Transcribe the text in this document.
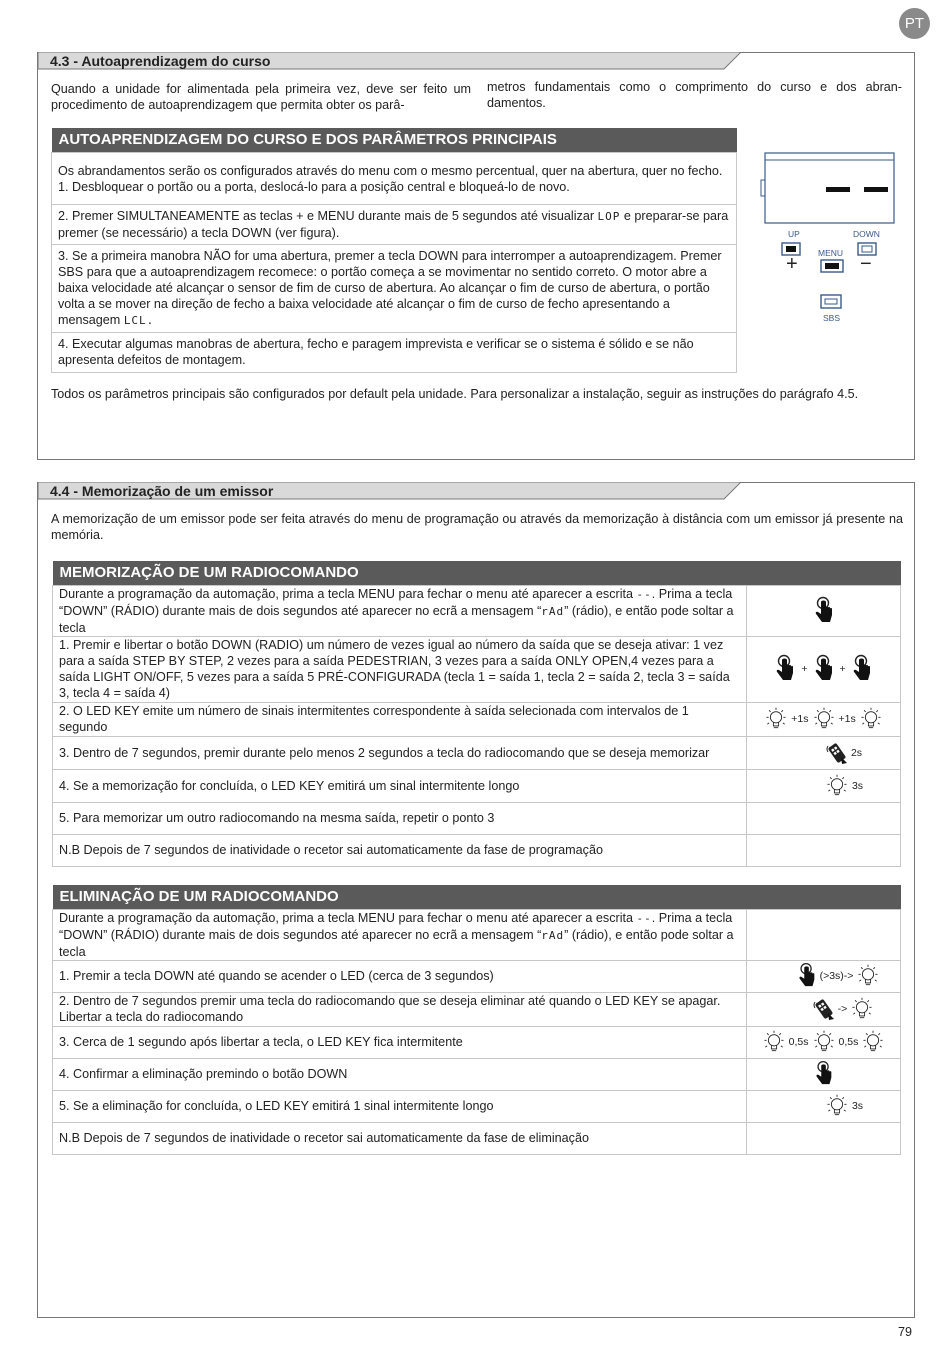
PT
4.3 - Autoaprendizagem do curso
Quando a unidade for alimentada pela primeira vez, deve ser feito um procedimento de autoaprendizagem que permita obter os parâ-
metros fundamentais como o comprimento do curso e dos abran-damentos.
AUTOAPRENDIZAGEM DO CURSO E DOS PARÂMETROS PRINCIPAIS

Os abrandamentos serão os configurados através do menu com o mesmo percentual, quer na abertura, quer no fecho.
1. Desbloquear o portão ou a porta, deslocá-lo para a posição central e bloqueá-lo de novo.

2. Premer SIMULTANEAMENTE as teclas + e MENU durante mais de 5 segundos até visualizar LOP e preparar-se para premer (se necessário) a tecla DOWN (ver figura).
3. Se a primeira manobra NÃO for uma abertura, premer a tecla DOWN para interromper a autoaprendizagem. Premer SBS para que a autoaprendizagem recomece: o portão começa a se movimentar no sentido correto. O motor abre a baixa velocidade até alcançar o sensor de fim de curso de abertura. Ao alcançar o fim de curso de abertura, o portão volta a se mover na direção de fecho a baixa velocidade até alcançar o fim de curso de fecho apresentando a mensagem LCL.
4. Executar algumas manobras de abertura, fecho e paragem imprevista e verificar se o sistema é sólido e se não apresenta defeitos de montagem.
UP	DOWN
MENU
SBS
+	−
Todos os parâmetros principais são configurados por default pela unidade. Para personalizar a instalação, seguir as instruções do parágrafo 4.5.
4.4 - Memorização de um emissor
A memorização de um emissor pode ser feita através do menu de programação ou através da memorização à distância com um emissor já presente na memória.
MEMORIZAÇÃO DE UM RADIOCOMANDO	
Durante a programação da automação, prima a tecla MENU para fechar o menu até aparecer a escrita --. Prima a tecla “DOWN” (RÁDIO) durante mais de dois segundos até aparecer no ecrã a mensagem “rAd” (rádio), e então pode soltar a tecla	

1. Premir e libertar o botão DOWN (RADIO) um número de vezes igual ao número da saída que se deseja ativar: 1 vez para a saída STEP BY STEP, 2 vezes para a saída PEDESTRIAN, 3 vezes para a saída ONLY OPEN,4 vezes para a saída LIGHT ON/OFF, 5 vezes para a saída 5 PRÉ-CONFIGURADA (tecla 1 = saída 1, tecla 2 = saída 2, tecla 3 = saída 3, tecla 4 = saída 4)	+ +

2. O LED KEY emite um número de sinais intermitentes correspondente à saída selecionada com intervalos de 1 segundo	+1s +1s

3. Dentro de 7 segundos, premir durante pelo menos 2 segundos a tecla do radiocomando que se deseja memorizar	2s

4. Se a memorização for concluída, o LED KEY emitirá um sinal intermitente longo	3s

5. Para memorizar um outro radiocomando na mesma saída, repetir o ponto 3	
N.B Depois de 7 segundos de inatividade o recetor sai automaticamente da fase de programação	
ELIMINAÇÃO DE UM RADIOCOMANDO	
Durante a programação da automação, prima a tecla MENU para fechar o menu até aparecer a escrita --. Prima a tecla “DOWN” (RÁDIO) durante mais de dois segundos até aparecer no ecrã a mensagem “rAd” (rádio), e então pode soltar a tecla	
1. Premir a tecla DOWN até quando se acender o LED (cerca de 3 segundos)	(>3s)->

2. Dentro de 7 segundos premir uma tecla do radiocomando que se deseja eliminar até quando o LED KEY se apagar. Libertar a tecla do radiocomando	->

3. Cerca de 1 segundo após libertar a tecla, o LED KEY fica intermitente	0,5s 0,5s

4. Confirmar a eliminação premindo o botão DOWN	

5. Se a eliminação for concluída, o LED KEY emitirá 1 sinal intermitente longo	3s

N.B Depois de 7 segundos de inatividade o recetor sai automaticamente da fase de eliminação	
79
